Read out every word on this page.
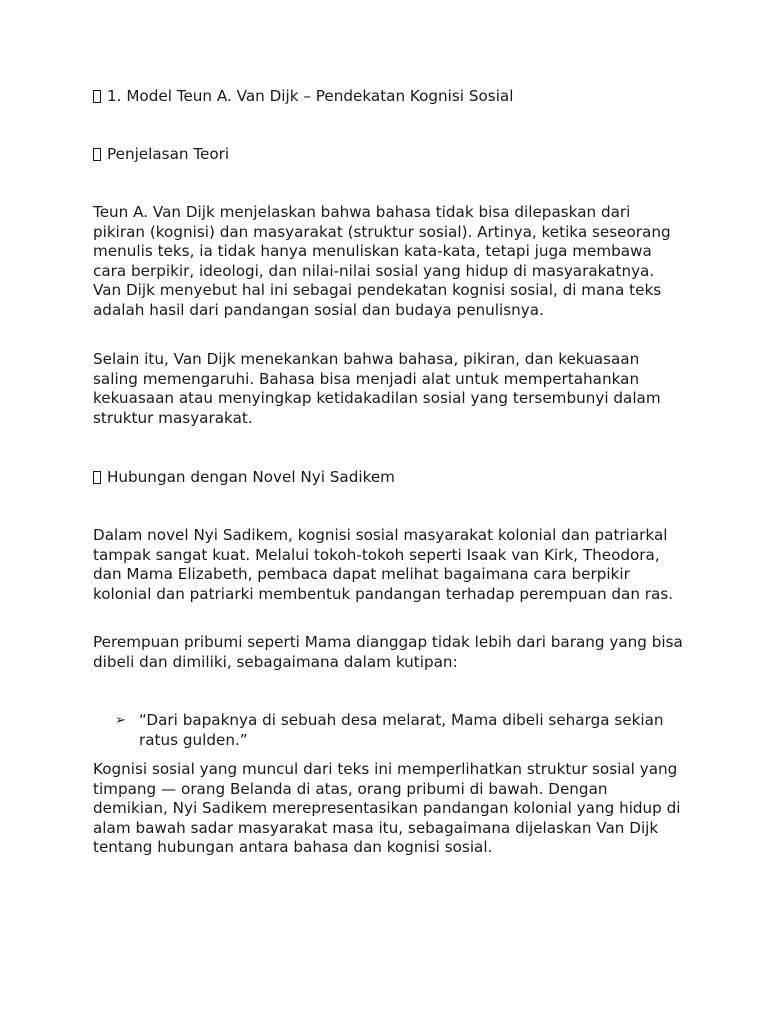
1. Model Teun A. Van Dijk – Pendekatan Kognisi Sosial
Penjelasan Teori

Teun A. Van Dijk menjelaskan bahwa bahasa tidak bisa dilepaskan dari pikiran (kognisi) dan masyarakat (struktur sosial). Artinya, ketika seseorang menulis teks, ia tidak hanya menuliskan kata-kata, tetapi juga membawa cara berpikir, ideologi, dan nilai-nilai sosial yang hidup di masyarakatnya. Van Dijk menyebut hal ini sebagai pendekatan kognisi sosial, di mana teks adalah hasil dari pandangan sosial dan budaya penulisnya.

Selain itu, Van Dijk menekankan bahwa bahasa, pikiran, dan kekuasaan saling memengaruhi. Bahasa bisa menjadi alat untuk mempertahankan kekuasaan atau menyingkap ketidakadilan sosial yang tersembunyi dalam struktur masyarakat.

Hubungan dengan Novel Nyi Sadikem

Dalam novel Nyi Sadikem, kognisi sosial masyarakat kolonial dan patriarkal tampak sangat kuat. Melalui tokoh-tokoh seperti Isaak van Kirk, Theodora, dan Mama Elizabeth, pembaca dapat melihat bagaimana cara berpikir kolonial dan patriarki membentuk pandangan terhadap perempuan dan ras.

Perempuan pribumi seperti Mama dianggap tidak lebih dari barang yang bisa dibeli dan dimiliki, sebagaimana dalam kutipan:

➢ “Dari bapaknya di sebuah desa melarat, Mama dibeli seharga sekian ratus gulden.”

Kognisi sosial yang muncul dari teks ini memperlihatkan struktur sosial yang timpang — orang Belanda di atas, orang pribumi di bawah. Dengan demikian, Nyi Sadikem merepresentasikan pandangan kolonial yang hidup di alam bawah sadar masyarakat masa itu, sebagaimana dijelaskan Van Dijk tentang hubungan antara bahasa dan kognisi sosial.
